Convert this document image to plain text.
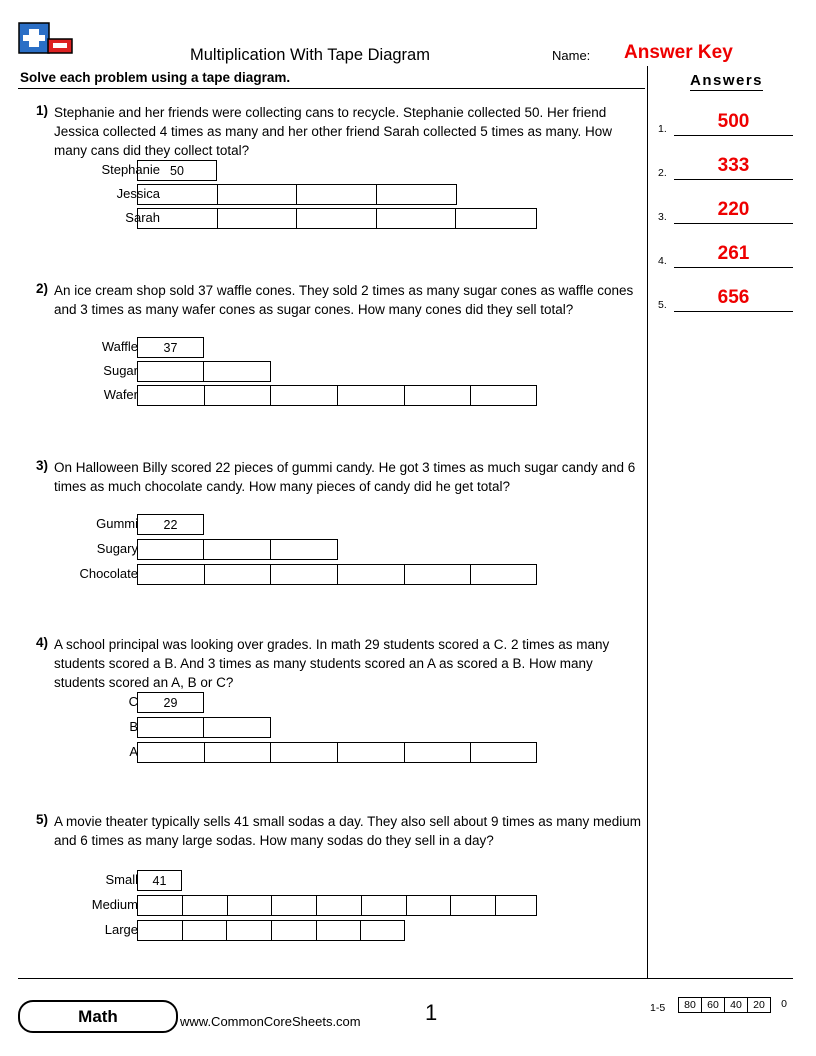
Multiplication With Tape Diagram	Name: Answer Key
Solve each problem using a tape diagram.	Answers
1.	500
2.	333
3.	220
4.	261
5.	656
1) Stephanie and her friends were collecting cans to recycle. Stephanie collected 50. Her friend Jessica collected 4 times as many and her other friend Sarah collected 5 times as many. How many cans did they collect total?
Stephanie 50
Jessica
Sarah
2) An ice cream shop sold 37 waffle cones. They sold 2 times as many sugar cones as waffle cones and 3 times as many wafer cones as sugar cones. How many cones did they sell total?
Waffle	37
Sugar
Wafer
3) On Halloween Billy scored 22 pieces of gummi candy. He got 3 times as much sugar candy and 6 times as much chocolate candy. How many pieces of candy did he get total?
Gummi	22
Sugary
Chocolate
4) A school principal was looking over grades. In math 29 students scored a C. 2 times as many students scored a B. And 3 times as many students scored an A as scored a B. How many students scored an A, B or C?
C	29
B
A
5) A movie theater typically sells 41 small sodas a day. They also sell about 9 times as many medium and 6 times as many large sodas. How many sodas do they sell in a day?
Small	41
Medium
Large
Math	www.CommonCoreSheets.com	1	1-5	80	60	40	20	0
